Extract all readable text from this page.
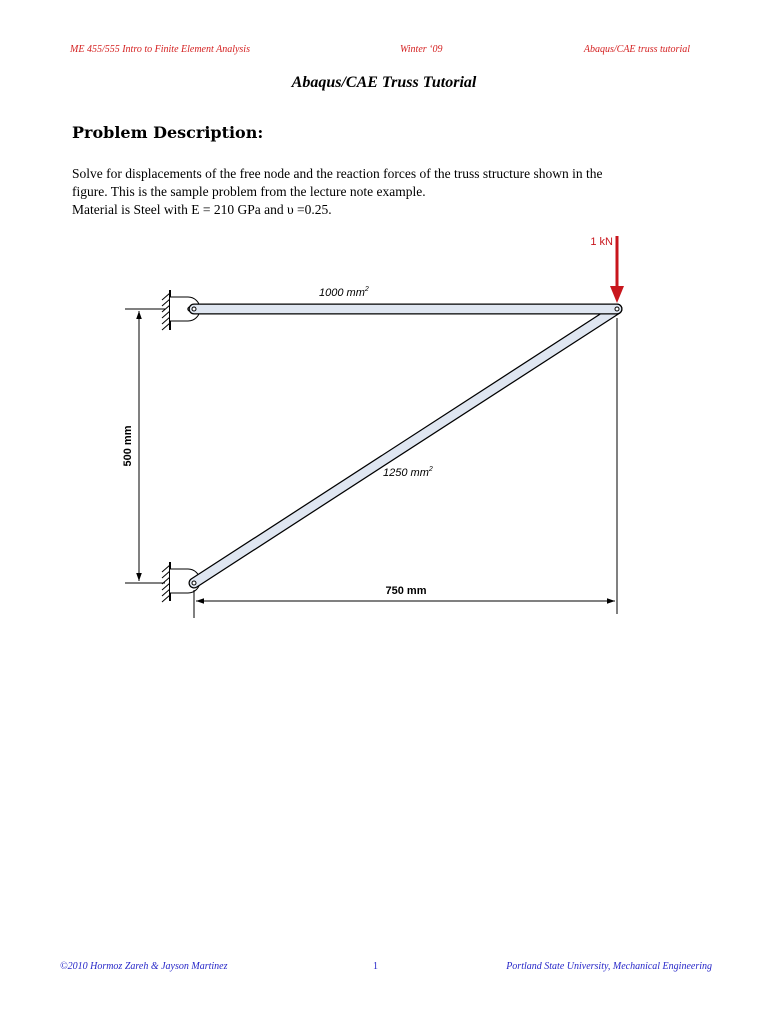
ME 455/555 Intro to Finite Element Analysis	Winter ‘09	Abaqus/CAE truss tutorial
Abaqus/CAE Truss Tutorial
Problem Description:
Solve for displacements of the free node and the reaction forces of the truss structure shown in the
figure. This is the sample problem from the lecture note example.
Material is Steel with E = 210 GPa and υ =0.25.
1 kN
1000 $mm^2$
1250 $mm^2$
500 mm
750 mm
©2010 Hormoz Zareh & Jayson Martinez	1	Portland State University, Mechanical Engineering
